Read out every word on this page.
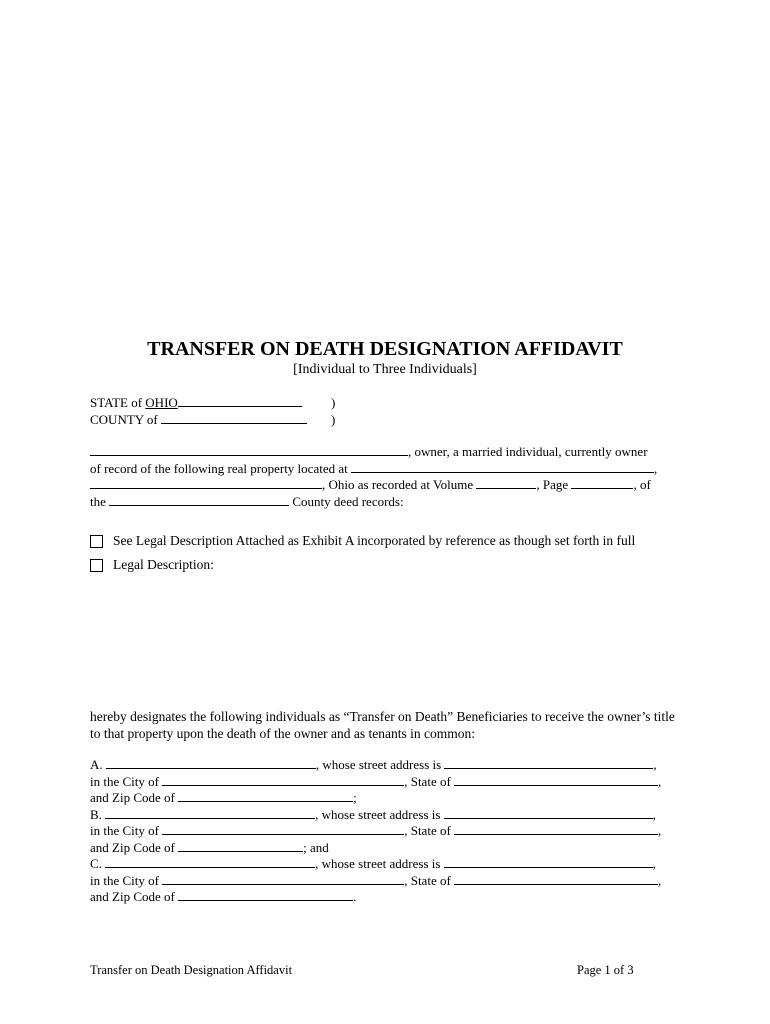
TRANSFER ON DEATH DESIGNATION AFFIDAVIT
[Individual to Three Individuals]
STATE of OHIO	)
COUNTY of	)
, owner, a married individual, currently owner
of record of the following real property located at	,
, Ohio as recorded at Volume	, Page	, of
the	County deed records:
See Legal Description Attached as Exhibit A incorporated by reference as though set forth in full
Legal Description:
hereby designates the following individuals as “Transfer on Death” Beneficiaries to receive the owner’s title to that property upon the death of the owner and as tenants in common:
A.	, whose street address is	,
in the City of	, State of	,
and Zip Code of	;
B.	, whose street address is	,
in the City of	, State of	,
and Zip Code of	; and
C.	, whose street address is	,
in the City of	, State of	,
and Zip Code of	.
Transfer on Death Designation Affidavit	Page 1 of 3
